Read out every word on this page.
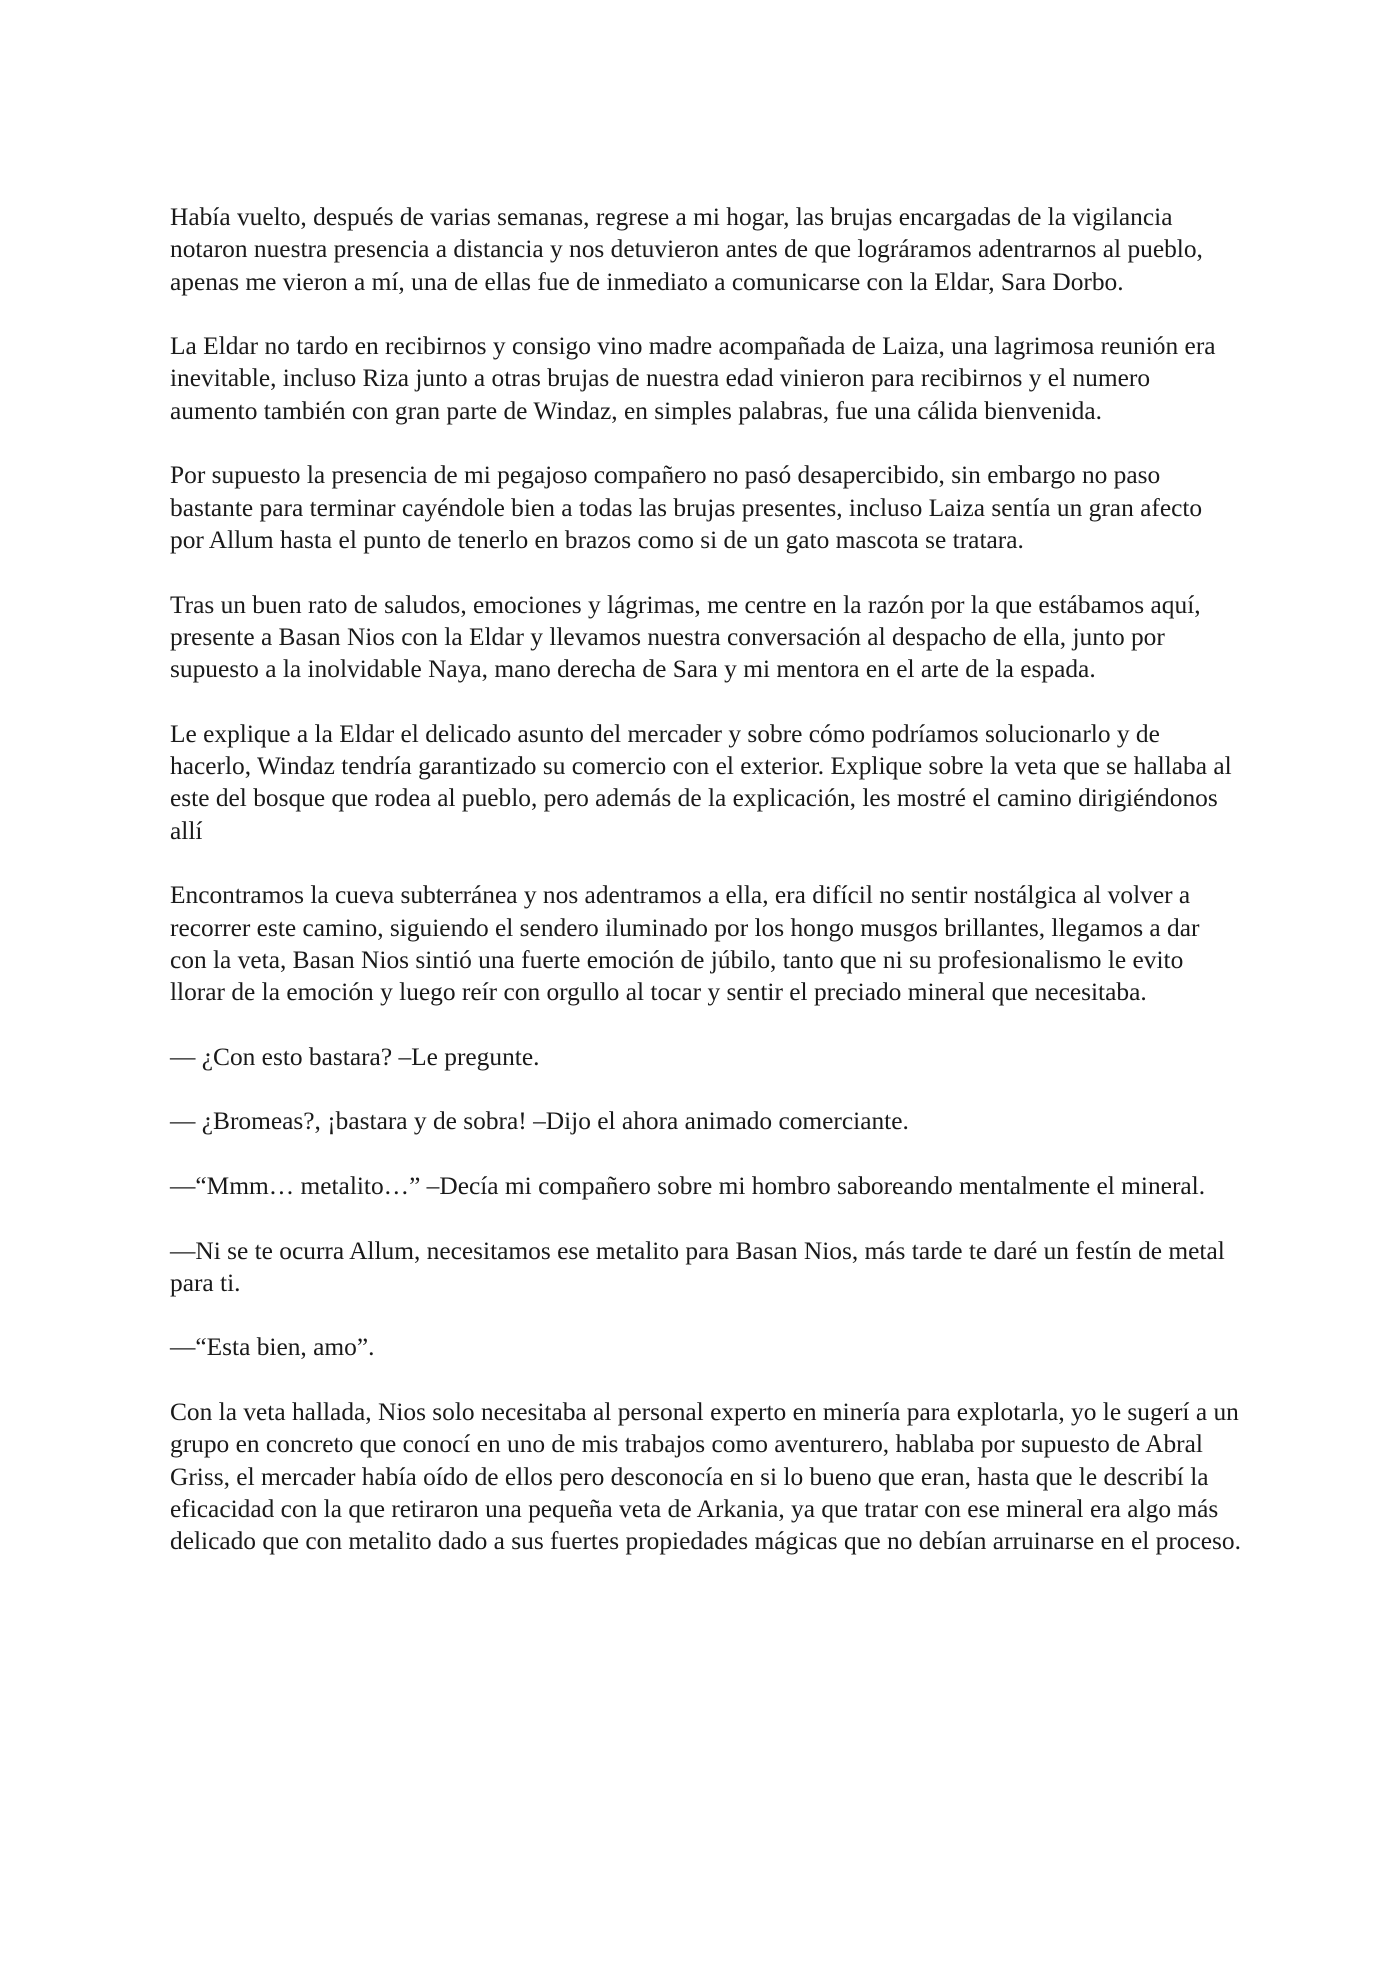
Había vuelto, después de varias semanas, regrese a mi hogar, las brujas encargadas de la vigilancia notaron nuestra presencia a distancia y nos detuvieron antes de que lográramos adentrarnos al pueblo, apenas me vieron a mí, una de ellas fue de inmediato a comunicarse con la Eldar, Sara Dorbo.

La Eldar no tardo en recibirnos y consigo vino madre acompañada de Laiza, una lagrimosa reunión era inevitable, incluso Riza junto a otras brujas de nuestra edad vinieron para recibirnos y el numero aumento también con gran parte de Windaz, en simples palabras, fue una cálida bienvenida.

Por supuesto la presencia de mi pegajoso compañero no pasó desapercibido, sin embargo no paso bastante para terminar cayéndole bien a todas las brujas presentes, incluso Laiza sentía un gran afecto por Allum hasta el punto de tenerlo en brazos como si de un gato mascota se tratara.

Tras un buen rato de saludos, emociones y lágrimas, me centre en la razón por la que estábamos aquí, presente a Basan Nios con la Eldar y llevamos nuestra conversación al despacho de ella, junto por supuesto a la inolvidable Naya, mano derecha de Sara y mi mentora en el arte de la espada.

Le explique a la Eldar el delicado asunto del mercader y sobre cómo podríamos solucionarlo y de hacerlo, Windaz tendría garantizado su comercio con el exterior. Explique sobre la veta que se hallaba al este del bosque que rodea al pueblo, pero además de la explicación, les mostré el camino dirigiéndonos allí

Encontramos la cueva subterránea y nos adentramos a ella, era difícil no sentir nostálgica al volver a recorrer este camino, siguiendo el sendero iluminado por los hongo musgos brillantes, llegamos a dar con la veta, Basan Nios sintió una fuerte emoción de júbilo, tanto que ni su profesionalismo le evito llorar de la emoción y luego reír con orgullo al tocar y sentir el preciado mineral que necesitaba.

— ¿Con esto bastara? –Le pregunte.

— ¿Bromeas?, ¡bastara y de sobra! –Dijo el ahora animado comerciante.

—“Mmm… metalito…” –Decía mi compañero sobre mi hombro saboreando mentalmente el mineral.

—Ni se te ocurra Allum, necesitamos ese metalito para Basan Nios, más tarde te daré un festín de metal para ti.

—“Esta bien, amo”.

Con la veta hallada, Nios solo necesitaba al personal experto en minería para explotarla, yo le sugerí a un grupo en concreto que conocí en uno de mis trabajos como aventurero, hablaba por supuesto de Abral Griss, el mercader había oído de ellos pero desconocía en si lo bueno que eran, hasta que le describí la eficacidad con la que retiraron una pequeña veta de Arkania, ya que tratar con ese mineral era algo más delicado que con metalito dado a sus fuertes propiedades mágicas que no debían arruinarse en el proceso.
